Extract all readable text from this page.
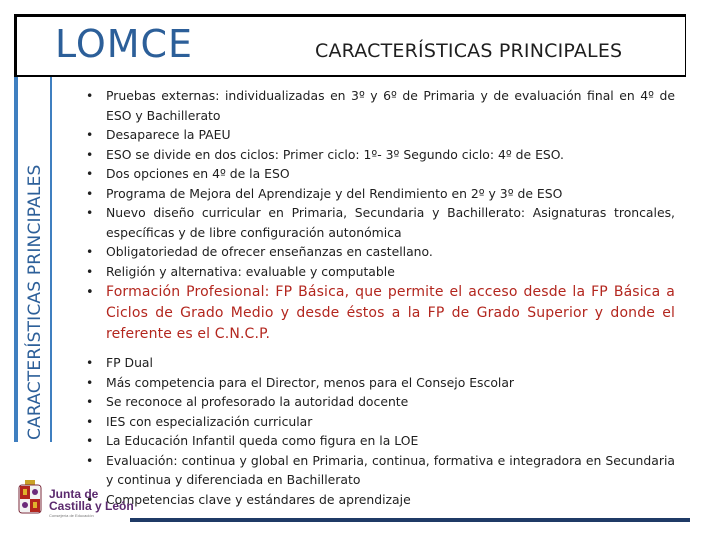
CARACTERÍSTICAS PRINCIPALES
LOMCE	CARACTERÍSTICAS PRINCIPALES
• Pruebas externas: individualizadas en 3º y 6º de Primaria y de evaluación final en 4º de ESO y Bachillerato
• Desaparece la PAEU
• ESO se divide en dos ciclos: Primer ciclo: 1º- 3º Segundo ciclo: 4º de ESO.
• Dos opciones en 4º de la ESO
• Programa de Mejora del Aprendizaje y del Rendimiento en 2º y 3º de ESO
• Nuevo diseño curricular en Primaria, Secundaria y Bachillerato: Asignaturas troncales, específicas y de libre configuración autonómica
• Obligatoriedad de ofrecer enseñanzas en castellano.
• Religión y alternativa: evaluable y computable
• Formación Profesional: FP Básica, que permite el acceso desde la FP Básica a Ciclos de Grado Medio y desde éstos a la FP de Grado Superior y donde el referente es el C.N.C.P.
• FP Dual
• Más competencia para el Director, menos para el Consejo Escolar
• Se reconoce al profesorado la autoridad docente
• IES con especialización curricular
• La Educación Infantil queda como figura en la LOE
• Evaluación: continua y global en Primaria, continua, formativa e integradora en Secundaria y continua y diferenciada en Bachillerato
• Competencias clave y estándares de aprendizaje
Junta de
Castilla y León
Consejería de Educación
